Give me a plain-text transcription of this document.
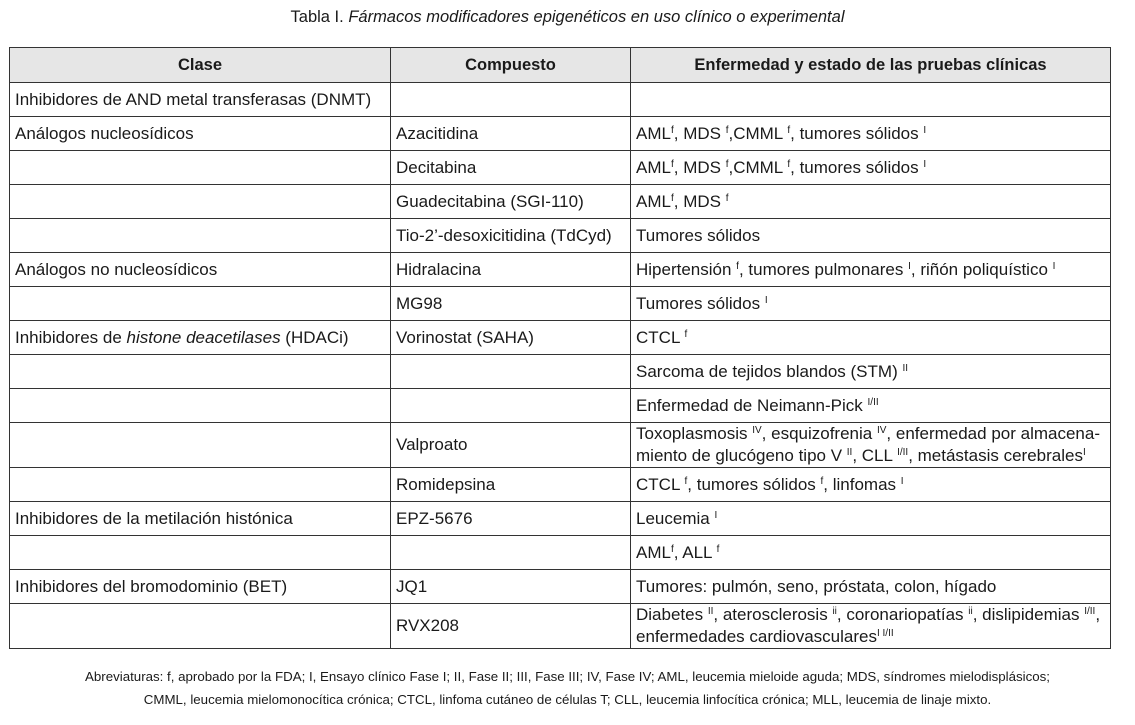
Tabla I. Fármacos modificadores epigenéticos en uso clínico o experimental
Clase	Compuesto	Enfermedad y estado de las pruebas clínicas
Inhibidores de AND metal transferasas (DNMT)		
Análogos nucleosídicos	Azacitidina	AML$^f$, MDS $^f$,CMML $^f$, tumores sólidos $^I$
	Decitabina	AML$^f$, MDS $^f$,CMML $^f$, tumores sólidos $^I$
	Guadecitabina (SGI-110)	AML$^f$, MDS $^f$
	Tio-2’-desoxicitidina (TdCyd)	Tumores sólidos
Análogos no nucleosídicos	Hidralacina	Hipertensión $^f$, tumores pulmonares $^I$, riñón poliquístico $^I$
	MG98	Tumores sólidos $^I$
Inhibidores de histone deacetilases (HDACi)	Vorinostat (SAHA)	CTCL $^f$
		Sarcoma de tejidos blandos (STM) $^{II}$
		Enfermedad de Neimann-Pick $^{I/II}$
	Valproato	Toxoplasmosis $^{IV}$, esquizofrenia $^{IV}$, enfermedad por almacena-
miento de glucógeno tipo V $^{II}$, CLL $^{I/II}$, metástasis cerebrales$^I$
	Romidepsina	CTCL $^f$, tumores sólidos $^f$, linfomas $^I$
Inhibidores de la metilación histónica	EPZ-5676	Leucemia $^I$
		AML$^f$, ALL $^f$
Inhibidores del bromodominio (BET)	JQ1	Tumores: pulmón, seno, próstata, colon, hígado
	RVX208	Diabetes $^{II}$, aterosclerosis $^{ii}$, coronariopatías $^{ii}$, dislipidemias $^{I/II}$,
enfermedades cardiovasculares$^{I I/II}$
Abreviaturas: f, aprobado por la FDA; I, Ensayo clínico Fase I; II, Fase II; III, Fase III; IV, Fase IV; AML, leucemia mieloide aguda; MDS, síndromes mielodisplásicos;
CMML, leucemia mielomonocítica crónica; CTCL, linfoma cutáneo de células T; CLL, leucemia linfocítica crónica; MLL, leucemia de linaje mixto.
